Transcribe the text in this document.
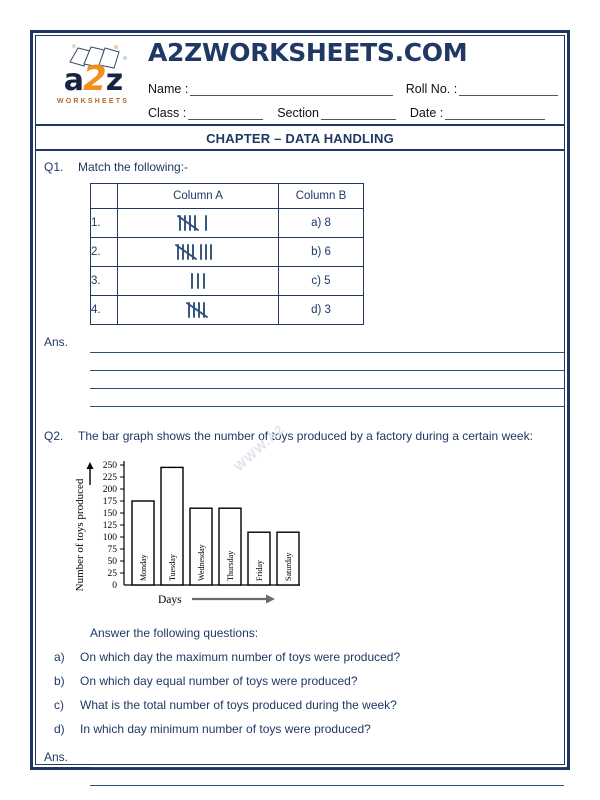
a2z
WORKSHEETS
A2ZWORKSHEETS.COM
Name :	Roll No. :
Class :	Section	Date :
CHAPTER – DATA HANDLING
Q1.	Match the following:-
	Column A	Column B
1.		a) 8
2.		b) 6
3.		c) 5
4.		d) 3
Ans.
Q2.	The bar graph shows the number of toys produced by a factory during a certain week:
WWW.A2
Number of toys produced
250
225
200
175
150
125
100
75
50
25
0
Monday	Tuesday	Wednesday	Thursday	Friday	Saturday
Days
Answer the following questions:
a)	On which day the maximum number of toys were produced?
b)	On which day equal number of toys were produced?
c)	What is the total number of toys produced during the week?
d)	In which day minimum number of toys were produced?
Ans.
